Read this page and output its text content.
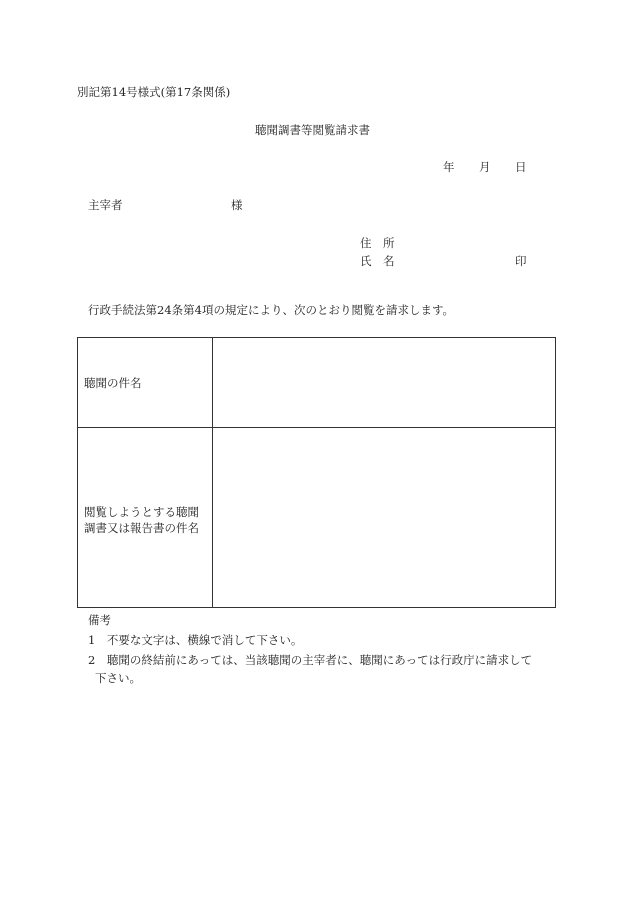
別記第14号様式(第17条関係)
聴聞調書等閲覧請求書
年 月 日
主宰者	様
住　所
氏　名	印
行政手続法第24条第4項の規定により、次のとおり閲覧を請求します。
聴聞の件名
閲覧しようとする聴聞
調書又は報告書の件名
備考
1　不要な文字は、横線で消して下さい。
2　聴聞の終結前にあっては、当該聴聞の主宰者に、聴聞にあっては行政庁に請求して
下さい。
